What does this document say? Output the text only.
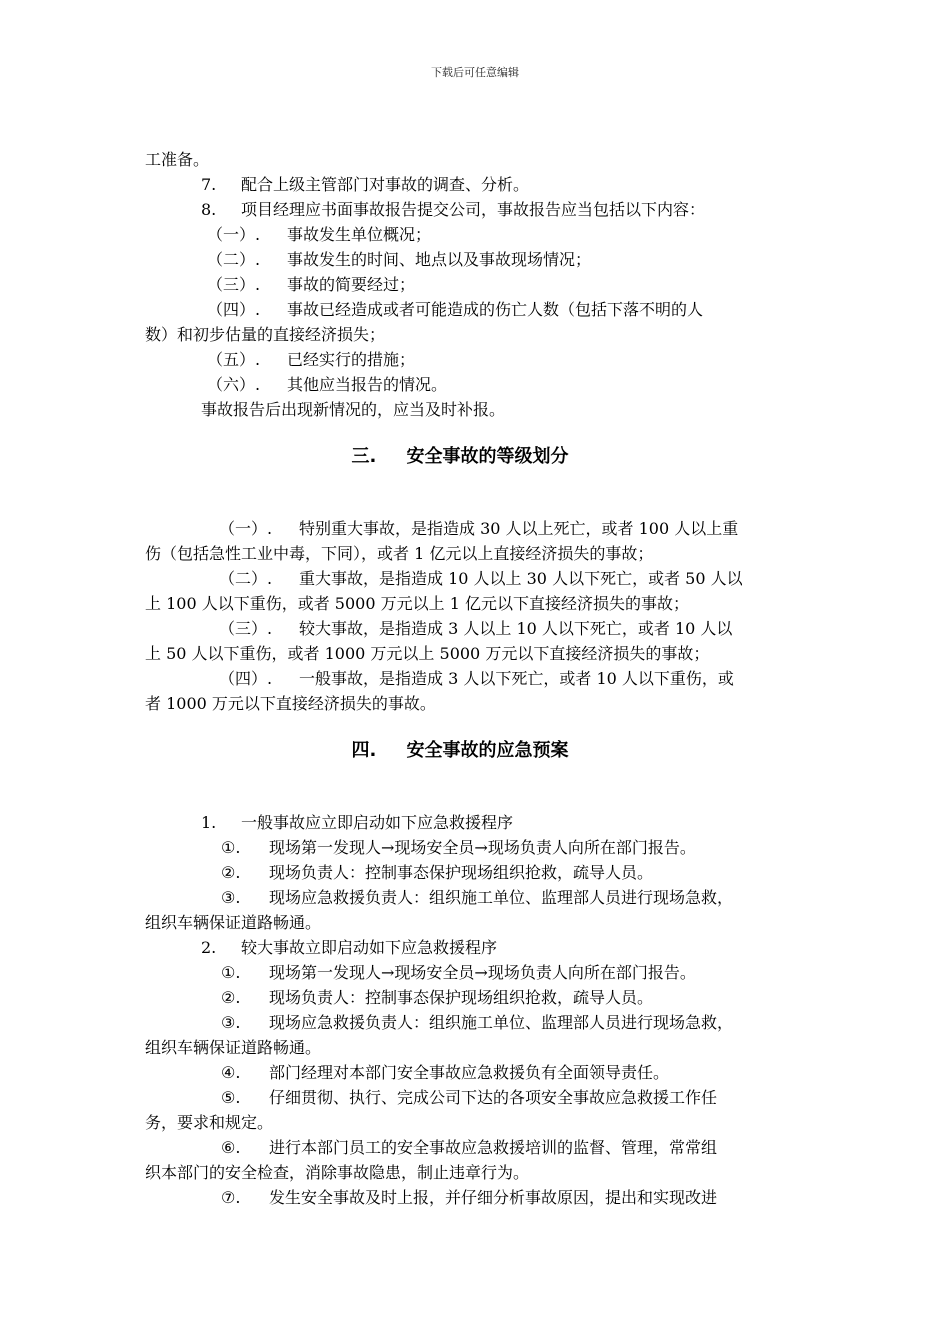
下载后可任意编辑
工准备。
7. 配合上级主管部门对事故的调查、分析。
8. 项目经理应书面事故报告提交公司，事故报告应当包括以下内容：
（一）. 事故发生单位概况；
（二）. 事故发生的时间、地点以及事故现场情况；
（三）. 事故的简要经过；
（四）. 事故已经造成或者可能造成的伤亡人数（包括下落不明的人
数）和初步估量的直接经济损失；
（五）. 已经实行的措施；
（六）. 其他应当报告的情况。
事故报告后出现新情况的，应当及时补报。
三. 安全事故的等级划分
（一）. 特别重大事故，是指造成 30 人以上死亡，或者 100 人以上重
伤（包括急性工业中毒，下同），或者 1 亿元以上直接经济损失的事故；
（二）. 重大事故，是指造成 10 人以上 30 人以下死亡，或者 50 人以
上 100 人以下重伤，或者 5000 万元以上 1 亿元以下直接经济损失的事故；
（三）. 较大事故，是指造成 3 人以上 10 人以下死亡，或者 10 人以
上 50 人以下重伤，或者 1000 万元以上 5000 万元以下直接经济损失的事故；
（四）. 一般事故，是指造成 3 人以下死亡，或者 10 人以下重伤，或
者 1000 万元以下直接经济损失的事故。
四. 安全事故的应急预案
1. 一般事故应立即启动如下应急救援程序
①. 现场第一发现人→现场安全员→现场负责人向所在部门报告。
②. 现场负责人：控制事态保护现场组织抢救，疏导人员。
③. 现场应急救援负责人：组织施工单位、监理部人员进行现场急救，
组织车辆保证道路畅通。
2. 较大事故立即启动如下应急救援程序
①. 现场第一发现人→现场安全员→现场负责人向所在部门报告。
②. 现场负责人：控制事态保护现场组织抢救，疏导人员。
③. 现场应急救援负责人：组织施工单位、监理部人员进行现场急救，
组织车辆保证道路畅通。
④. 部门经理对本部门安全事故应急救援负有全面领导责任。
⑤. 仔细贯彻、执行、完成公司下达的各项安全事故应急救援工作任
务，要求和规定。
⑥. 进行本部门员工的安全事故应急救援培训的监督、管理，常常组
织本部门的安全检查，消除事故隐患，制止违章行为。
⑦. 发生安全事故及时上报，并仔细分析事故原因，提出和实现改进
